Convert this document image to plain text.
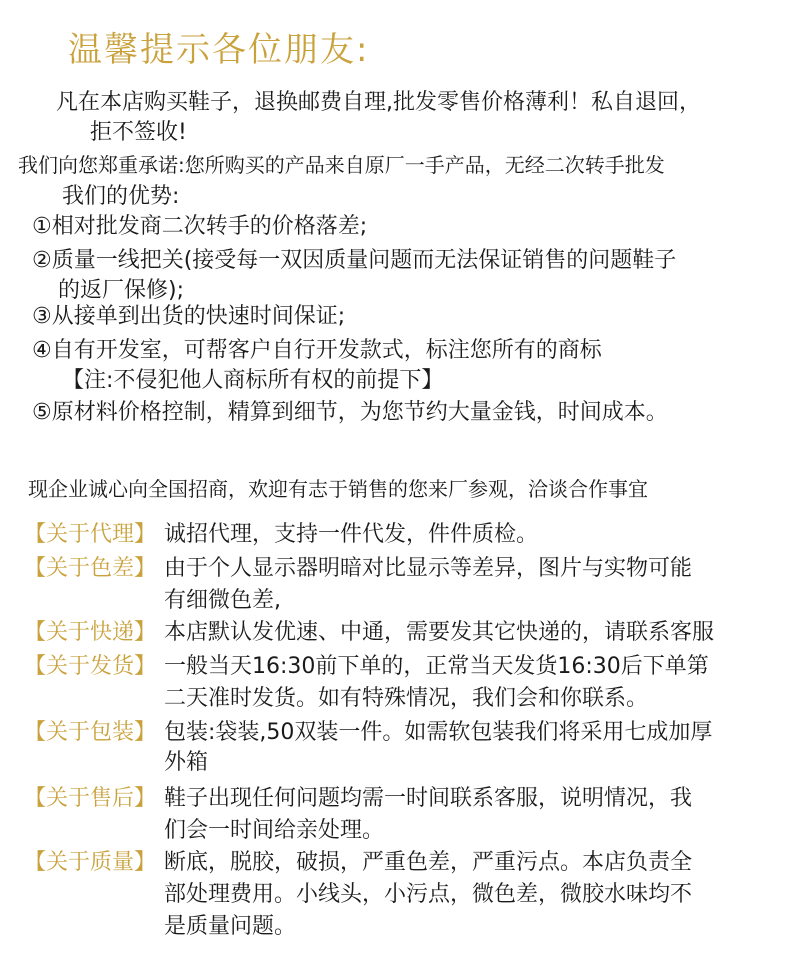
温馨提示各位朋友:
凡在本店购买鞋子，退换邮费自理,批发零售价格薄利！私自退回，
拒不签收!
我们向您郑重承诺:您所购买的产品来自原厂一手产品，无经二次转手批发
我们的优势:
①相对批发商二次转手的价格落差;
②质量一线把关(接受每一双因质量问题而无法保证销售的问题鞋子
的返厂保修);
③从接单到出货的快速时间保证;
④自有开发室，可帮客户自行开发款式，标注您所有的商标
【注:不侵犯他人商标所有权的前提下】
⑤原材料价格控制，精算到细节，为您节约大量金钱，时间成本。
现企业诚心向全国招商，欢迎有志于销售的您来厂参观，洽谈合作事宜
【关于代理】 诚招代理，支持一件代发，件件质检。
【关于色差】 由于个人显示器明暗对比显示等差异，图片与实物可能
有细微色差,
【关于快递】 本店默认发优速、中通，需要发其它快递的，请联系客服
【关于发货】 一般当天16:30前下单的，正常当天发货16:30后下单第
二天准时发货。如有特殊情况，我们会和你联系。
【关于包装】 包装:袋装,50双装一件。如需软包装我们将采用七成加厚
外箱
【关于售后】 鞋子出现任何问题均需一时间联系客服，说明情况，我
们会一时间给亲处理。
【关于质量】 断底，脱胶，破损，严重色差，严重污点。本店负责全
部处理费用。小线头，小污点，微色差，微胶水味均不
是质量问题。
